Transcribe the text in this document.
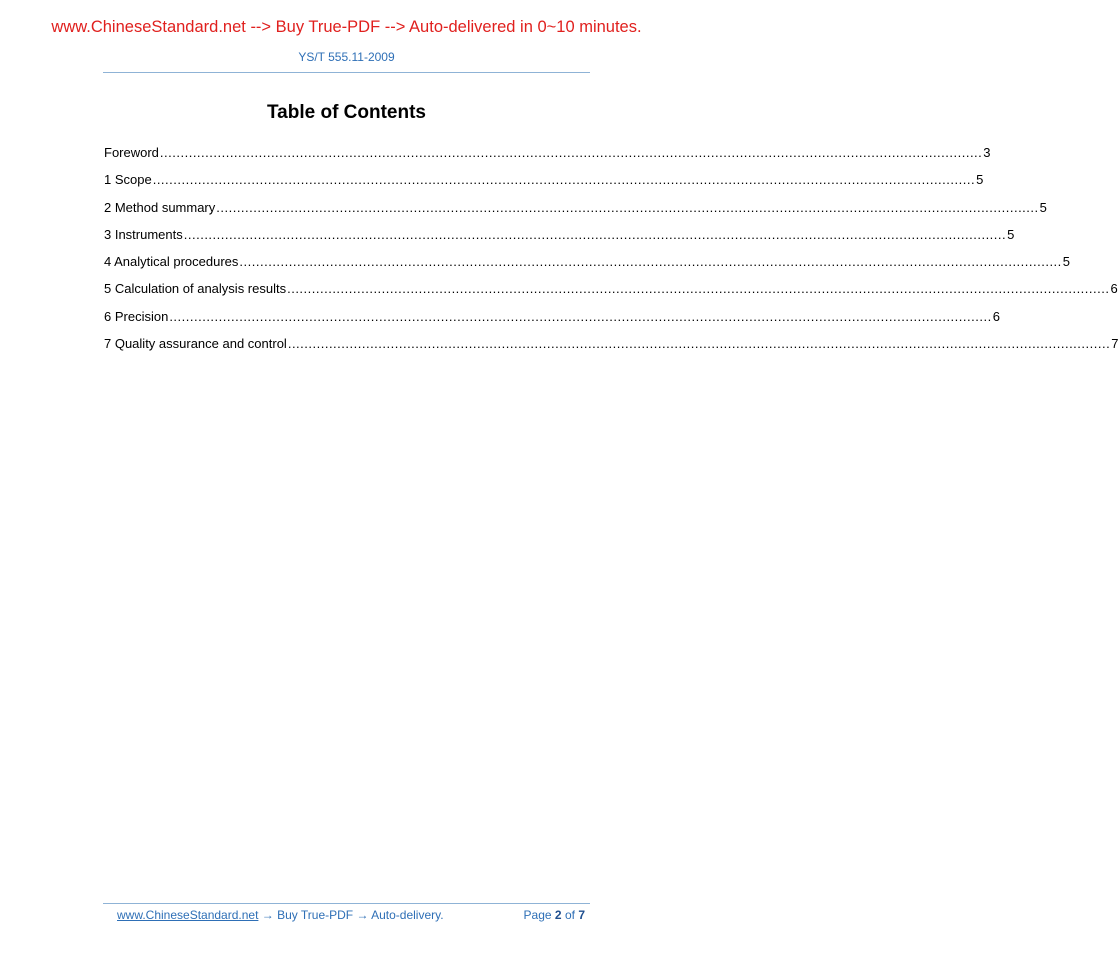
www.ChineseStandard.net --> Buy True-PDF --> Auto-delivered in 0~10 minutes.
YS/T 555.11-2009
Table of Contents
Foreword ........................................................................................................................................................................................................ 3
1 Scope ........................................................................................................................................................................................................ 5
2 Method summary ........................................................................................................................................................................................................ 5
3 Instruments ........................................................................................................................................................................................................ 5
4 Analytical procedures ........................................................................................................................................................................................................ 5
5 Calculation of analysis results ........................................................................................................................................................................................................ 6
6 Precision ........................................................................................................................................................................................................ 6
7 Quality assurance and control ........................................................................................................................................................................................................ 7
www.ChineseStandard.net → Buy True-PDF → Auto-delivery.	Page 2 of 7
